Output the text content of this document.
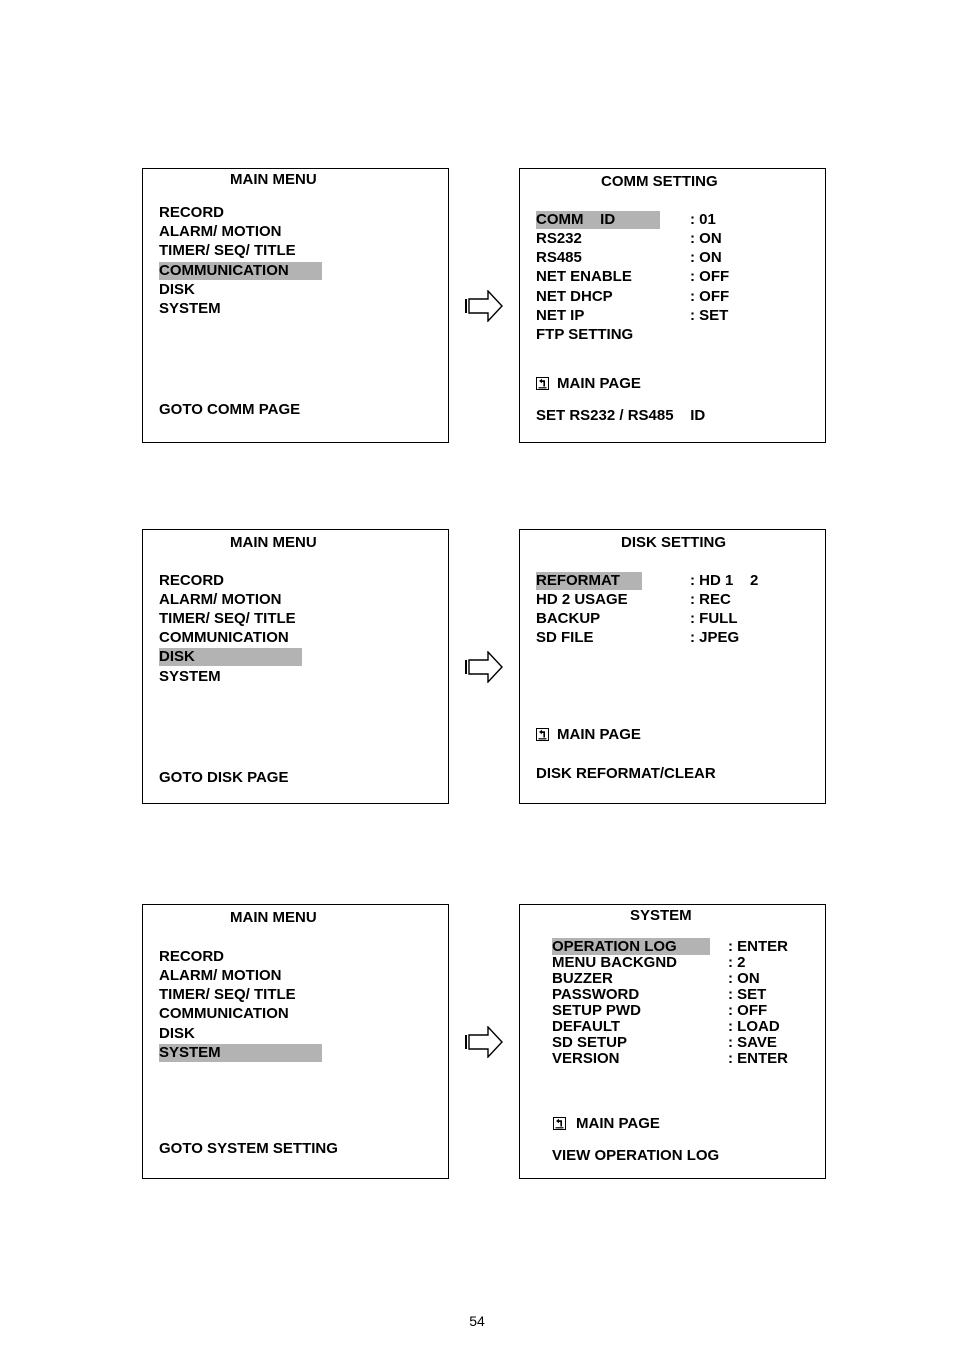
MAIN MENU
RECORD
ALARM/ MOTION
TIMER/ SEQ/ TITLE
COMMUNICATION
DISK
SYSTEM
GOTO COMM PAGE
COMM SETTING
COMM    ID	: 01
RS232	: ON
RS485	: ON
NET ENABLE	: OFF
NET DHCP	: OFF
NET IP	: SET
FTP SETTING
MAIN PAGE
SET RS232 / RS485    ID
MAIN MENU
RECORD
ALARM/ MOTION
TIMER/ SEQ/ TITLE
COMMUNICATION
DISK
SYSTEM
GOTO DISK PAGE
DISK SETTING
REFORMAT	: HD 1    2
HD 2 USAGE	: REC
BACKUP	: FULL
SD FILE	: JPEG
MAIN PAGE
DISK REFORMAT/CLEAR
MAIN MENU
RECORD
ALARM/ MOTION
TIMER/ SEQ/ TITLE
COMMUNICATION
DISK
SYSTEM
GOTO SYSTEM SETTING
SYSTEM
OPERATION LOG	: ENTER
MENU BACKGND	: 2
BUZZER	: ON
PASSWORD	: SET
SETUP PWD	: OFF
DEFAULT	: LOAD
SD SETUP	: SAVE
VERSION	: ENTER
MAIN PAGE
VIEW OPERATION LOG
54
